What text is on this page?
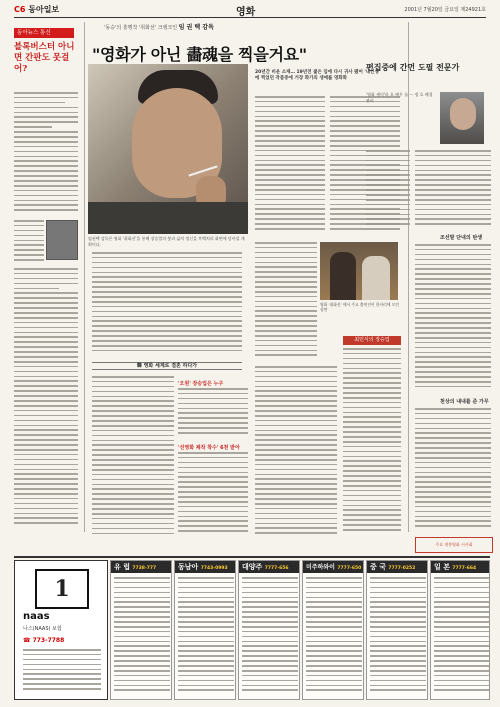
C6 동아일보	영화	2001년 7월20일 금요일 제24921호
동아뉴스 통신
블록버스터 아니면 간판도 못걸어?
'동승'의 흥행작 '취화선' 크랭크인 임 권 택 감독
"영화가 아닌 畵魂을 찍을거요"
20년간 비운 소재… 19년전 젊은 임에 다시 귀사 됐어 '내인생에 찍었던 작품중에 거장 화가의 생애를 영화화
임권택 감독은 영화 '취화선'을 통해 장승업의 붓과 삶의 정신을 흑백처리 화면에 담아낼 계획이다.
영화 '취화선' 에서 주요 출연진이 한자리에 모인 장면
최민식의 장승업
韓 영화 세계로 결혼 하다가
'오원' 장승업은 누구
'선영화 제작 착수' 6천 받아
편집중에 간먼 도필 전문가
'영화 세이'라 오 배우 를 ㅡ 정 호 배경 관리
조선말 단내의 탄생
천상의 내내를 준 가무
주요 개봉영화 시사회
1
naas
나스(NAAS) 보험
☎ 773-7788
유 럽 7738-777	동남아 7743-0993	대양주 7777-656	미주하와이 7777-650	중 국 7777-0252	일 본 7777-664
